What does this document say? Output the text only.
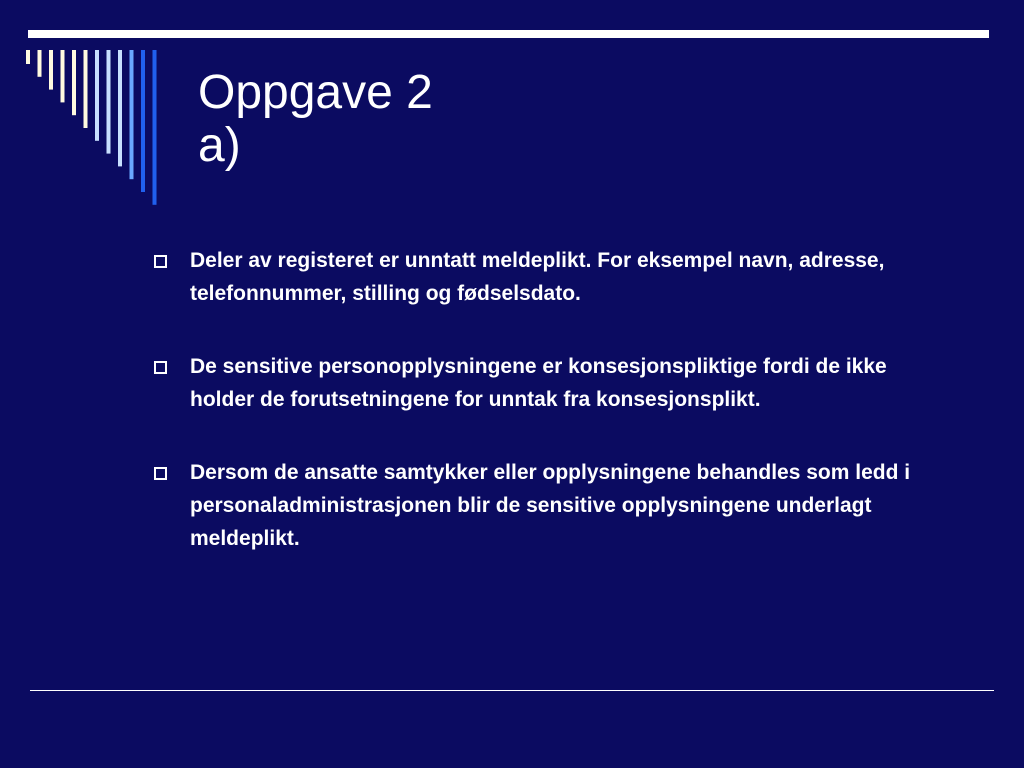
Oppgave 2
a)
Deler av registeret er unntatt meldeplikt. For eksempel navn, adresse, telefonnummer, stilling og fødselsdato.
De sensitive personopplysningene er konsesjonspliktige fordi de ikke holder de forutsetningene for unntak fra konsesjonsplikt.
Dersom de ansatte samtykker eller opplysningene behandles som ledd i personaladministrasjonen blir de sensitive opplysningene underlagt meldeplikt.
